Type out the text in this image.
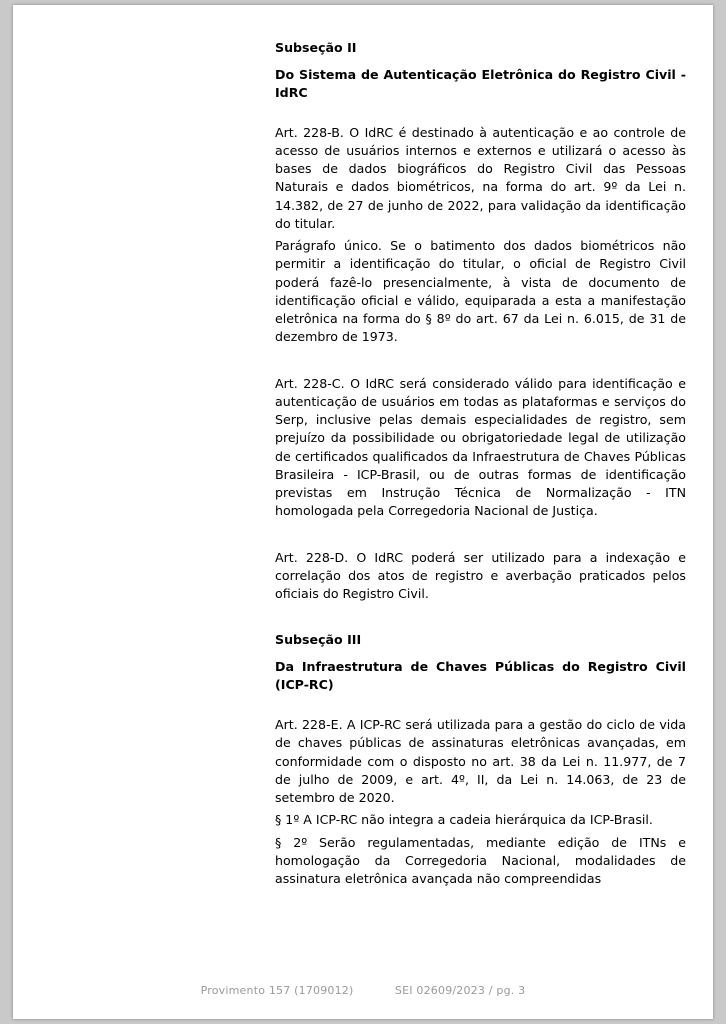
Subseção II
Do Sistema de Autenticação Eletrônica do Registro Civil - IdRC

Art. 228-B. O IdRC é destinado à autenticação e ao controle de acesso de usuários internos e externos e utilizará o acesso às bases de dados biográficos do Registro Civil das Pessoas Naturais e dados biométricos, na forma do art. 9º da Lei n. 14.382, de 27 de junho de 2022, para validação da identificação do titular.

Parágrafo único. Se o batimento dos dados biométricos não permitir a identificação do titular, o oficial de Registro Civil poderá fazê-lo presencialmente, à vista de documento de identificação oficial e válido, equiparada a esta a manifestação eletrônica na forma do § 8º do art. 67 da Lei n. 6.015, de 31 de dezembro de 1973.

Art. 228-C. O IdRC será considerado válido para identificação e autenticação de usuários em todas as plataformas e serviços do Serp, inclusive pelas demais especialidades de registro, sem prejuízo da possibilidade ou obrigatoriedade legal de utilização de certificados qualificados da Infraestrutura de Chaves Públicas Brasileira - ICP-Brasil, ou de outras formas de identificação previstas em Instrução Técnica de Normalização - ITN homologada pela Corregedoria Nacional de Justiça.

Art. 228-D. O IdRC poderá ser utilizado para a indexação e correlação dos atos de registro e averbação praticados pelos oficiais do Registro Civil.

Subseção III
Da Infraestrutura de Chaves Públicas do Registro Civil (ICP-RC)

Art. 228-E. A ICP-RC será utilizada para a gestão do ciclo de vida de chaves públicas de assinaturas eletrônicas avançadas, em conformidade com o disposto no art. 38 da Lei n. 11.977, de 7 de julho de 2009, e art. 4º, II, da Lei n. 14.063, de 23 de setembro de 2020.

§ 1º A ICP-RC não integra a cadeia hierárquica da ICP-Brasil.

§ 2º Serão regulamentadas, mediante edição de ITNs e homologação da Corregedoria Nacional, modalidades de assinatura eletrônica avançada não compreendidas

Provimento 157 (1709012)	SEI 02609/2023 / pg. 3
